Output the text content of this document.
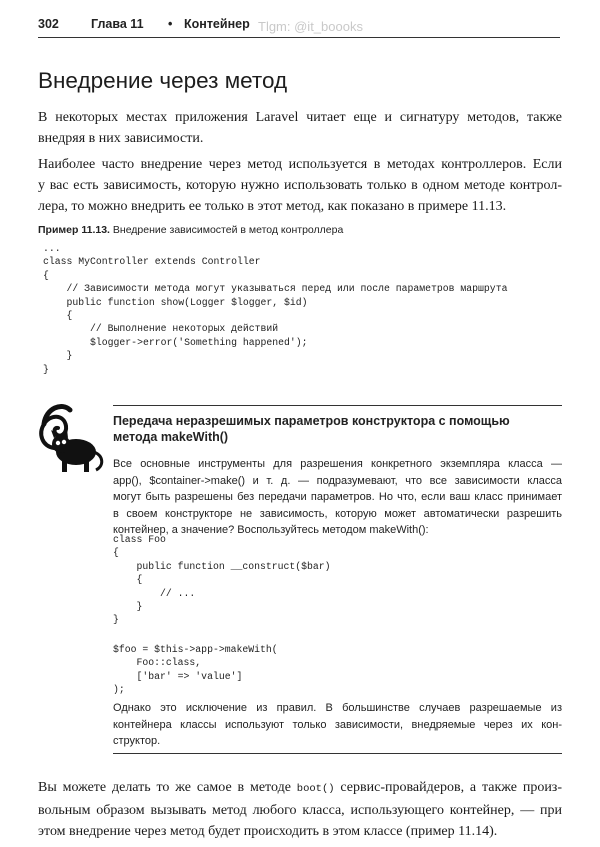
302	Глава 11 • Контейнер Tlgm: @it_boooks
Внедрение через метод

В некоторых местах приложения Laravel читает еще и сигнатуру методов, также
внедряя в них зависимости.

Наиболее часто внедрение через метод используется в методах контроллеров. Если
у вас есть зависимость, которую нужно использовать только в одном методе контрол-
лера, то можно внедрить ее только в этот метод, как показано в примере 11.13.

Пример 11.13. Внедрение зависимостей в метод контроллера
...
class MyController extends Controller
{
// Зависимости метода могут указываться перед или после параметров маршрута
public function show(Logger $logger, $id)
{
// Выполнение некоторых действий
$logger->error('Something happened');
}
}
Передача неразрешимых параметров конструктора с помощью
метода makeWith()

Все основные инструменты для разрешения конкретного экземпляра класса —
app(), $container->make() и т. д. — подразумевают, что все зависимости класса
могут быть разрешены без передачи параметров. Но что, если ваш класс принимает
в своем конструкторе не зависимость, которую может автоматически разрешить
контейнер, а значение? Воспользуйтесь методом makeWith():

class Foo
{
public function __construct($bar)
{
// ...
}
}
$foo = $this->app->makeWith(
Foo::class,
['bar' => 'value']
);

Однако это исключение из правил. В большинстве случаев разрешаемые из
контейнера классы используют только зависимости, внедряемые через их кон-
структор.

Вы можете делать то же самое в методе boot() сервис-провайдеров, а также произ-
вольным образом вызывать метод любого класса, использующего контейнер, — при
этом внедрение через метод будет происходить в этом классе (пример 11.14).
